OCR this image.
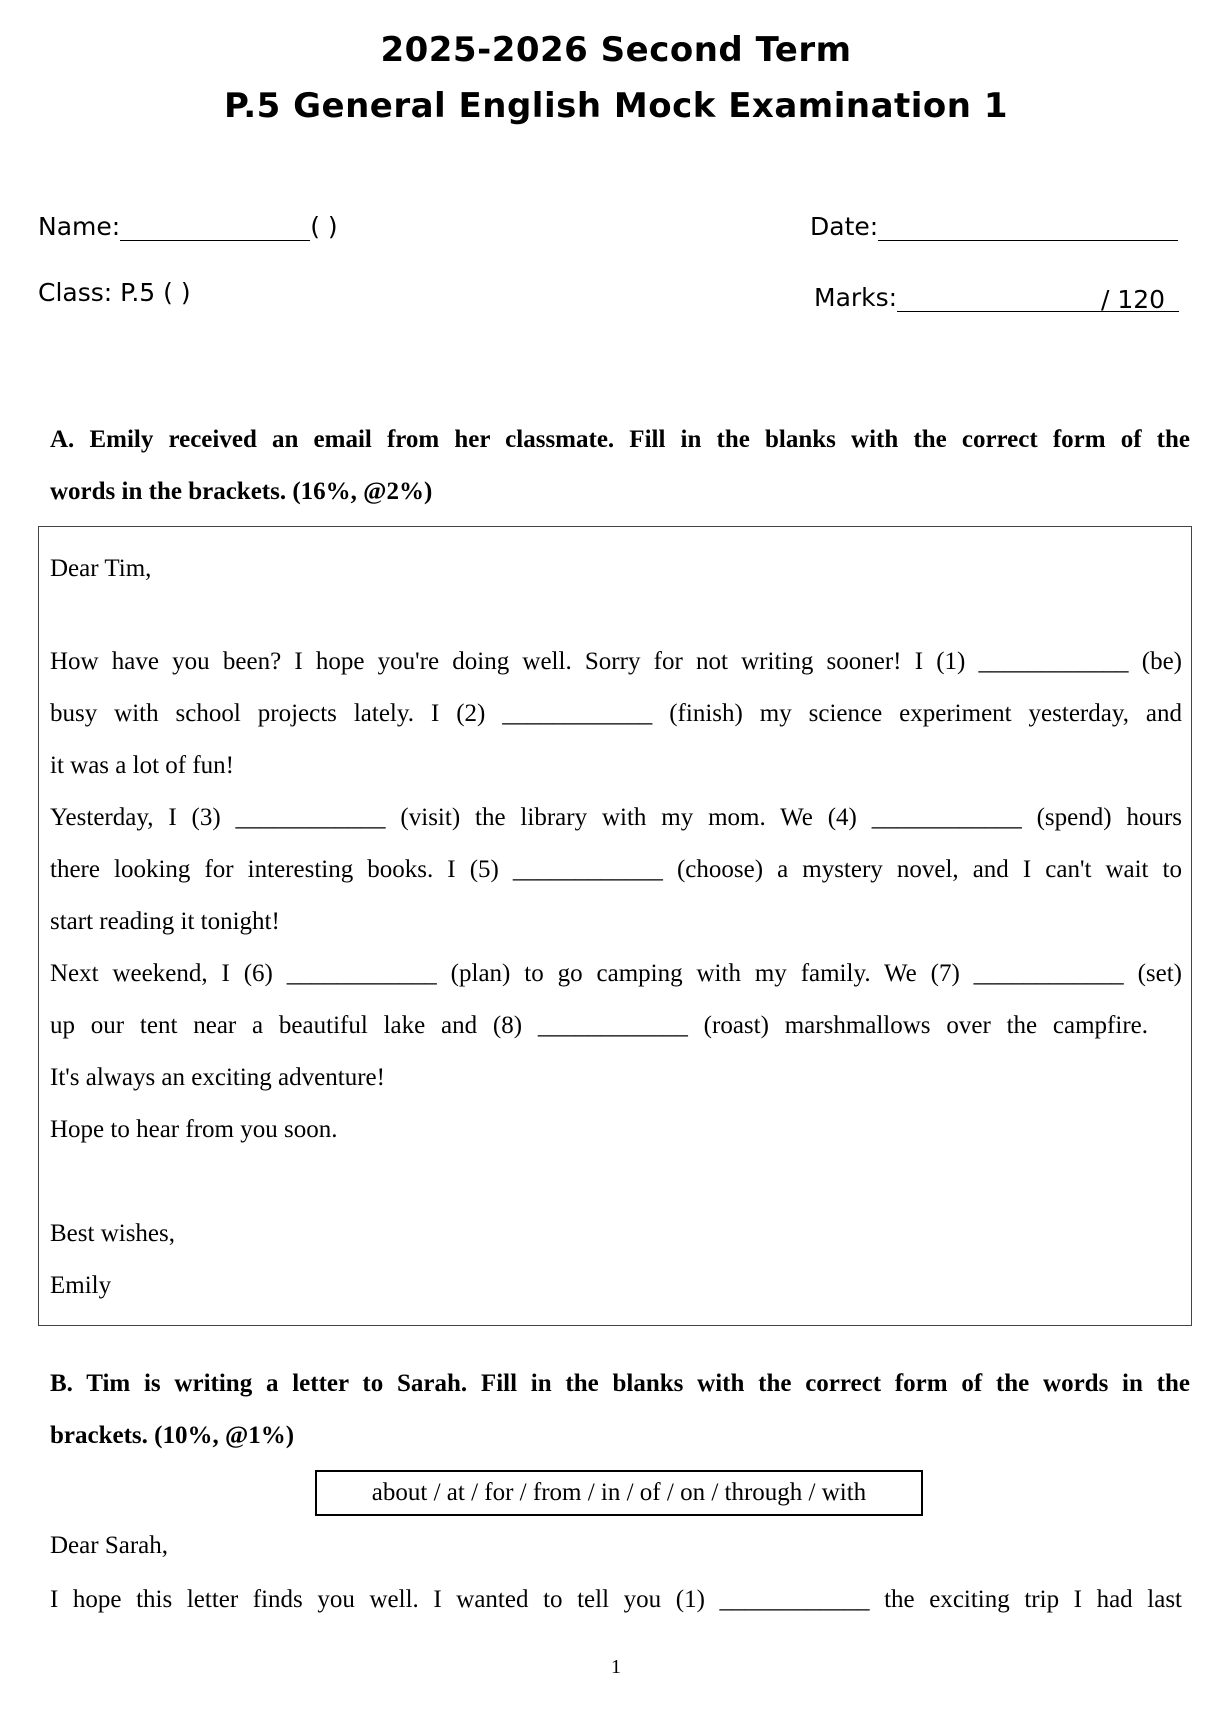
2025-2026 Second Term
P.5 General English Mock Examination 1
Name:	( )	Date:
Class: P.5 ( )	Marks:	/ 120
A. Emily received an email from her classmate. Fill in the blanks with the correct form of the
words in the brackets. (16%, @2%)
Dear Tim,
How have you been? I hope you're doing well. Sorry for not writing sooner! I (1) ____________ (be)
busy with school projects lately. I (2) ____________ (finish) my science experiment yesterday, and
it was a lot of fun!
Yesterday, I (3) ____________ (visit) the library with my mom. We (4) ____________ (spend) hours
there looking for interesting books. I (5) ____________ (choose) a mystery novel, and I can't wait to
start reading it tonight!
Next weekend, I (6) ____________ (plan) to go camping with my family. We (7) ____________ (set)
up our tent near a beautiful lake and (8) ____________ (roast) marshmallows over the campfire.
It's always an exciting adventure!
Hope to hear from you soon.
Best wishes,
Emily
B. Tim is writing a letter to Sarah. Fill in the blanks with the correct form of the words in the
brackets. (10%, @1%)
about / at / for / from / in / of / on / through / with
Dear Sarah,
I hope this letter finds you well. I wanted to tell you (1) ____________ the exciting trip I had last
1
